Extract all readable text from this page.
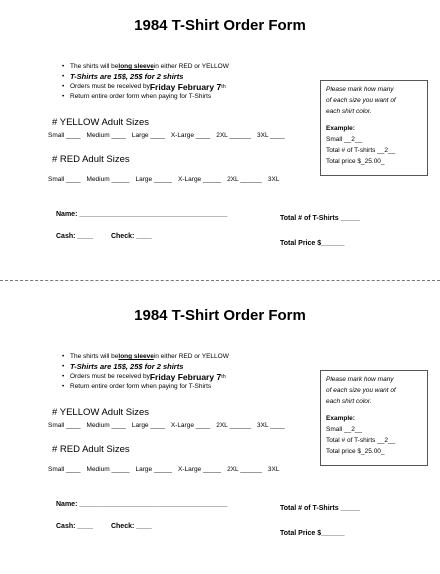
1984 T-Shirt Order Form
• The shirts will be long sleeve in either RED or YELLOW
• T-Shirts are 15$, 25$ for 2 shirts
• Orders must be received by Friday February 7 th
• Return entire order form when paying for T-Shirts
# YELLOW Adult Sizes
Small ____ Medium ____ Large ____ X-Large ____ 2XL ______ 3XL ____
# RED Adult Sizes
Small ____ Medium _____ Large _____ X-Large _____ 2XL ______ 3XL
Please mark how many
of each size you want of
each shirt color.
Example:
Small __2__
Total # of T-shirts __2__
Total price $_25.00_
Name: ______________________________________
Cash: ____	Check: ____
Total # of T-Shirts _____
Total Price $______
1984 T-Shirt Order Form
• The shirts will be long sleeve in either RED or YELLOW
• T-Shirts are 15$, 25$ for 2 shirts
• Orders must be received by Friday February 7 th
• Return entire order form when paying for T-Shirts
# YELLOW Adult Sizes
Small ____ Medium ____ Large ____ X-Large ____ 2XL ______ 3XL ____
# RED Adult Sizes
Small ____ Medium _____ Large _____ X-Large _____ 2XL ______ 3XL
Please mark how many
of each size you want of
each shirt color.
Example:
Small __2__
Total # of T-shirts __2__
Total price $_25.00_
Name: ______________________________________
Cash: ____	Check: ____
Total # of T-Shirts _____
Total Price $______
